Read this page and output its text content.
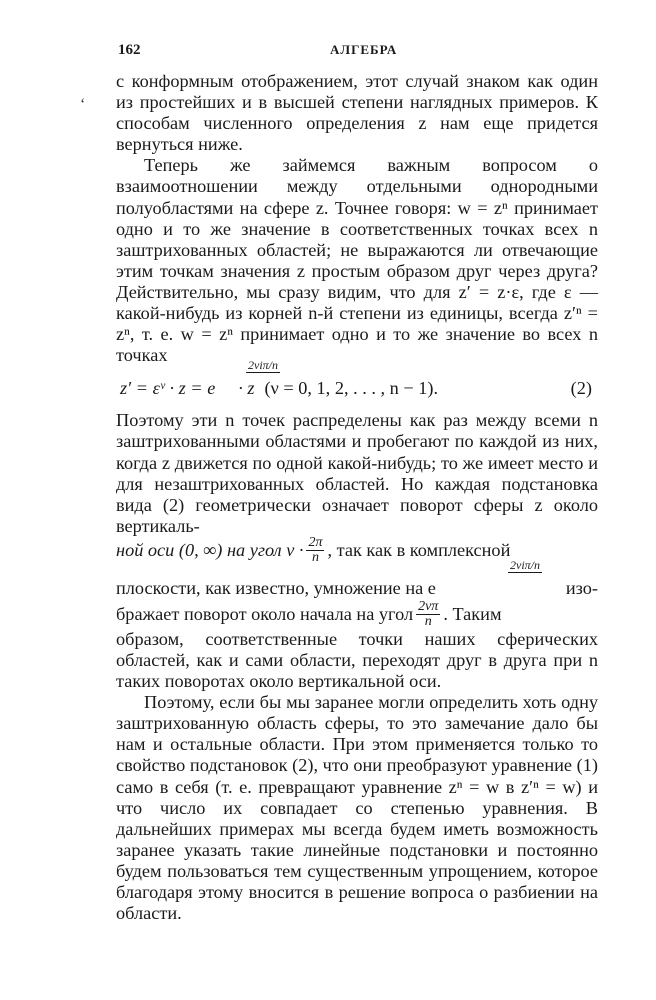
162	АЛГЕБРА
‘

с конформным отображением, этот случай знаком как один из простейших и в высшей степени наглядных примеров. К способам численного определения z нам еще придется вернуться ниже.

Теперь же займемся важным вопросом о взаимоотношении между отдельными однородными полуобластями на сфере z. Точнее говоря: w = zⁿ принимает одно и то же значение в соответственных точках всех n заштрихованных областей; не выражаются ли отвечающие этим точкам значения z простым образом друг через друга? Действительно, мы сразу видим, что для z′ = z·ε, где ε — какой-нибудь из корней n-й степени из единицы, всегда z′ⁿ = zⁿ, т. е. w = zⁿ принимает одно и то же значение во всех n точках

2νiπ/n
z′ = εᵛ · z = e · z (ν = 0, 1, 2, . . . , n − 1).	(2)

Поэтому эти n точек распределены как раз между всеми n заштрихованными областями и пробегают по каждой из них, когда z движется по одной какой-нибудь; то же имеет место и для незаштрихованных областей. Но каждая подстановка вида (2) геометрически означает поворот сферы z около вертикаль-

ной оси (0, ∞) на угол $\nu \cdot \frac{2\pi}{n}$ , так как в комплексной
2νiπ/n
плоскости, как известно, умножение на e	изо-
бражает поворот около начала на угол $\frac{2\nu\pi}{n}$ . Таким

образом, соответственные точки наших сферических областей, как и сами области, переходят друг в друга при n таких поворотах около вертикальной оси.

Поэтому, если бы мы заранее могли определить хоть одну заштрихованную область сферы, то это замечание дало бы нам и остальные области. При этом применяется только то свойство подстановок (2), что они преобразуют уравнение (1) само в себя (т. е. превращают уравнение zⁿ = w в z′ⁿ = w) и что число их совпадает со степенью уравнения. В дальнейших примерах мы всегда будем иметь возможность заранее указать такие линейные подстановки и постоянно будем пользоваться тем существенным упрощением, которое благодаря этому вносится в решение вопроса о разбиении на области.
